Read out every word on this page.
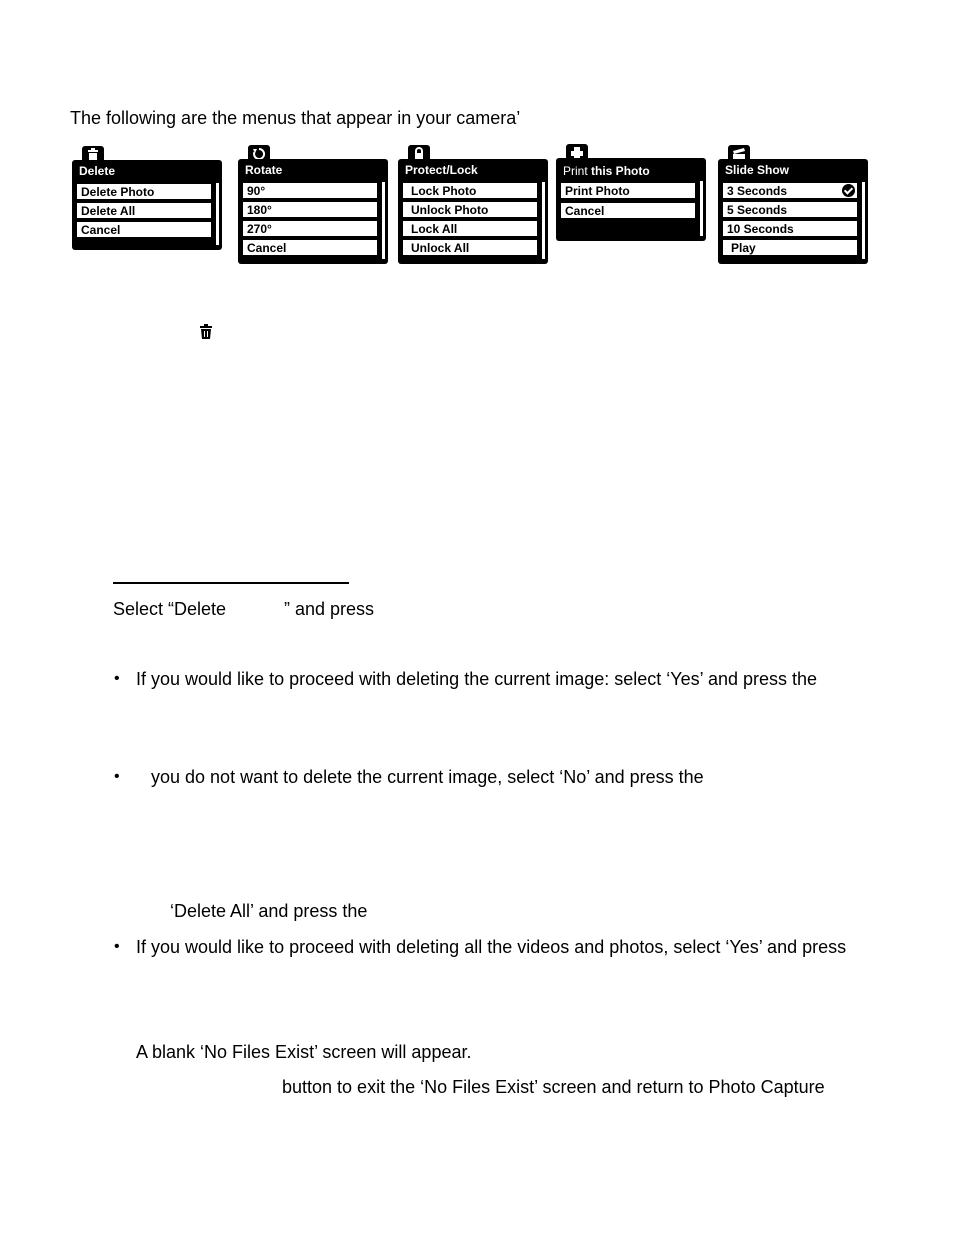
The following are the menus that appear in your camera’
Delete
Delete Photo
Delete All
Cancel
Rotate
90°
180°
270°
Cancel
Protect/Lock
Lock Photo
Unlock Photo
Lock All
Unlock All
Print this Photo
Print Photo
Cancel
Slide Show
3 Seconds
5 Seconds
10 Seconds
Play
Select “Delete	” and press
• If you would like to proceed with deleting the current image: select ‘Yes’ and press the
• you do not want to delete the current image, select ‘No’ and press the
‘Delete All’ and press the
• If you would like to proceed with deleting all the videos and photos, select ‘Yes’ and press
A blank ‘No Files Exist’ screen will appear.
button to exit the ‘No Files Exist’ screen and return to Photo Capture
